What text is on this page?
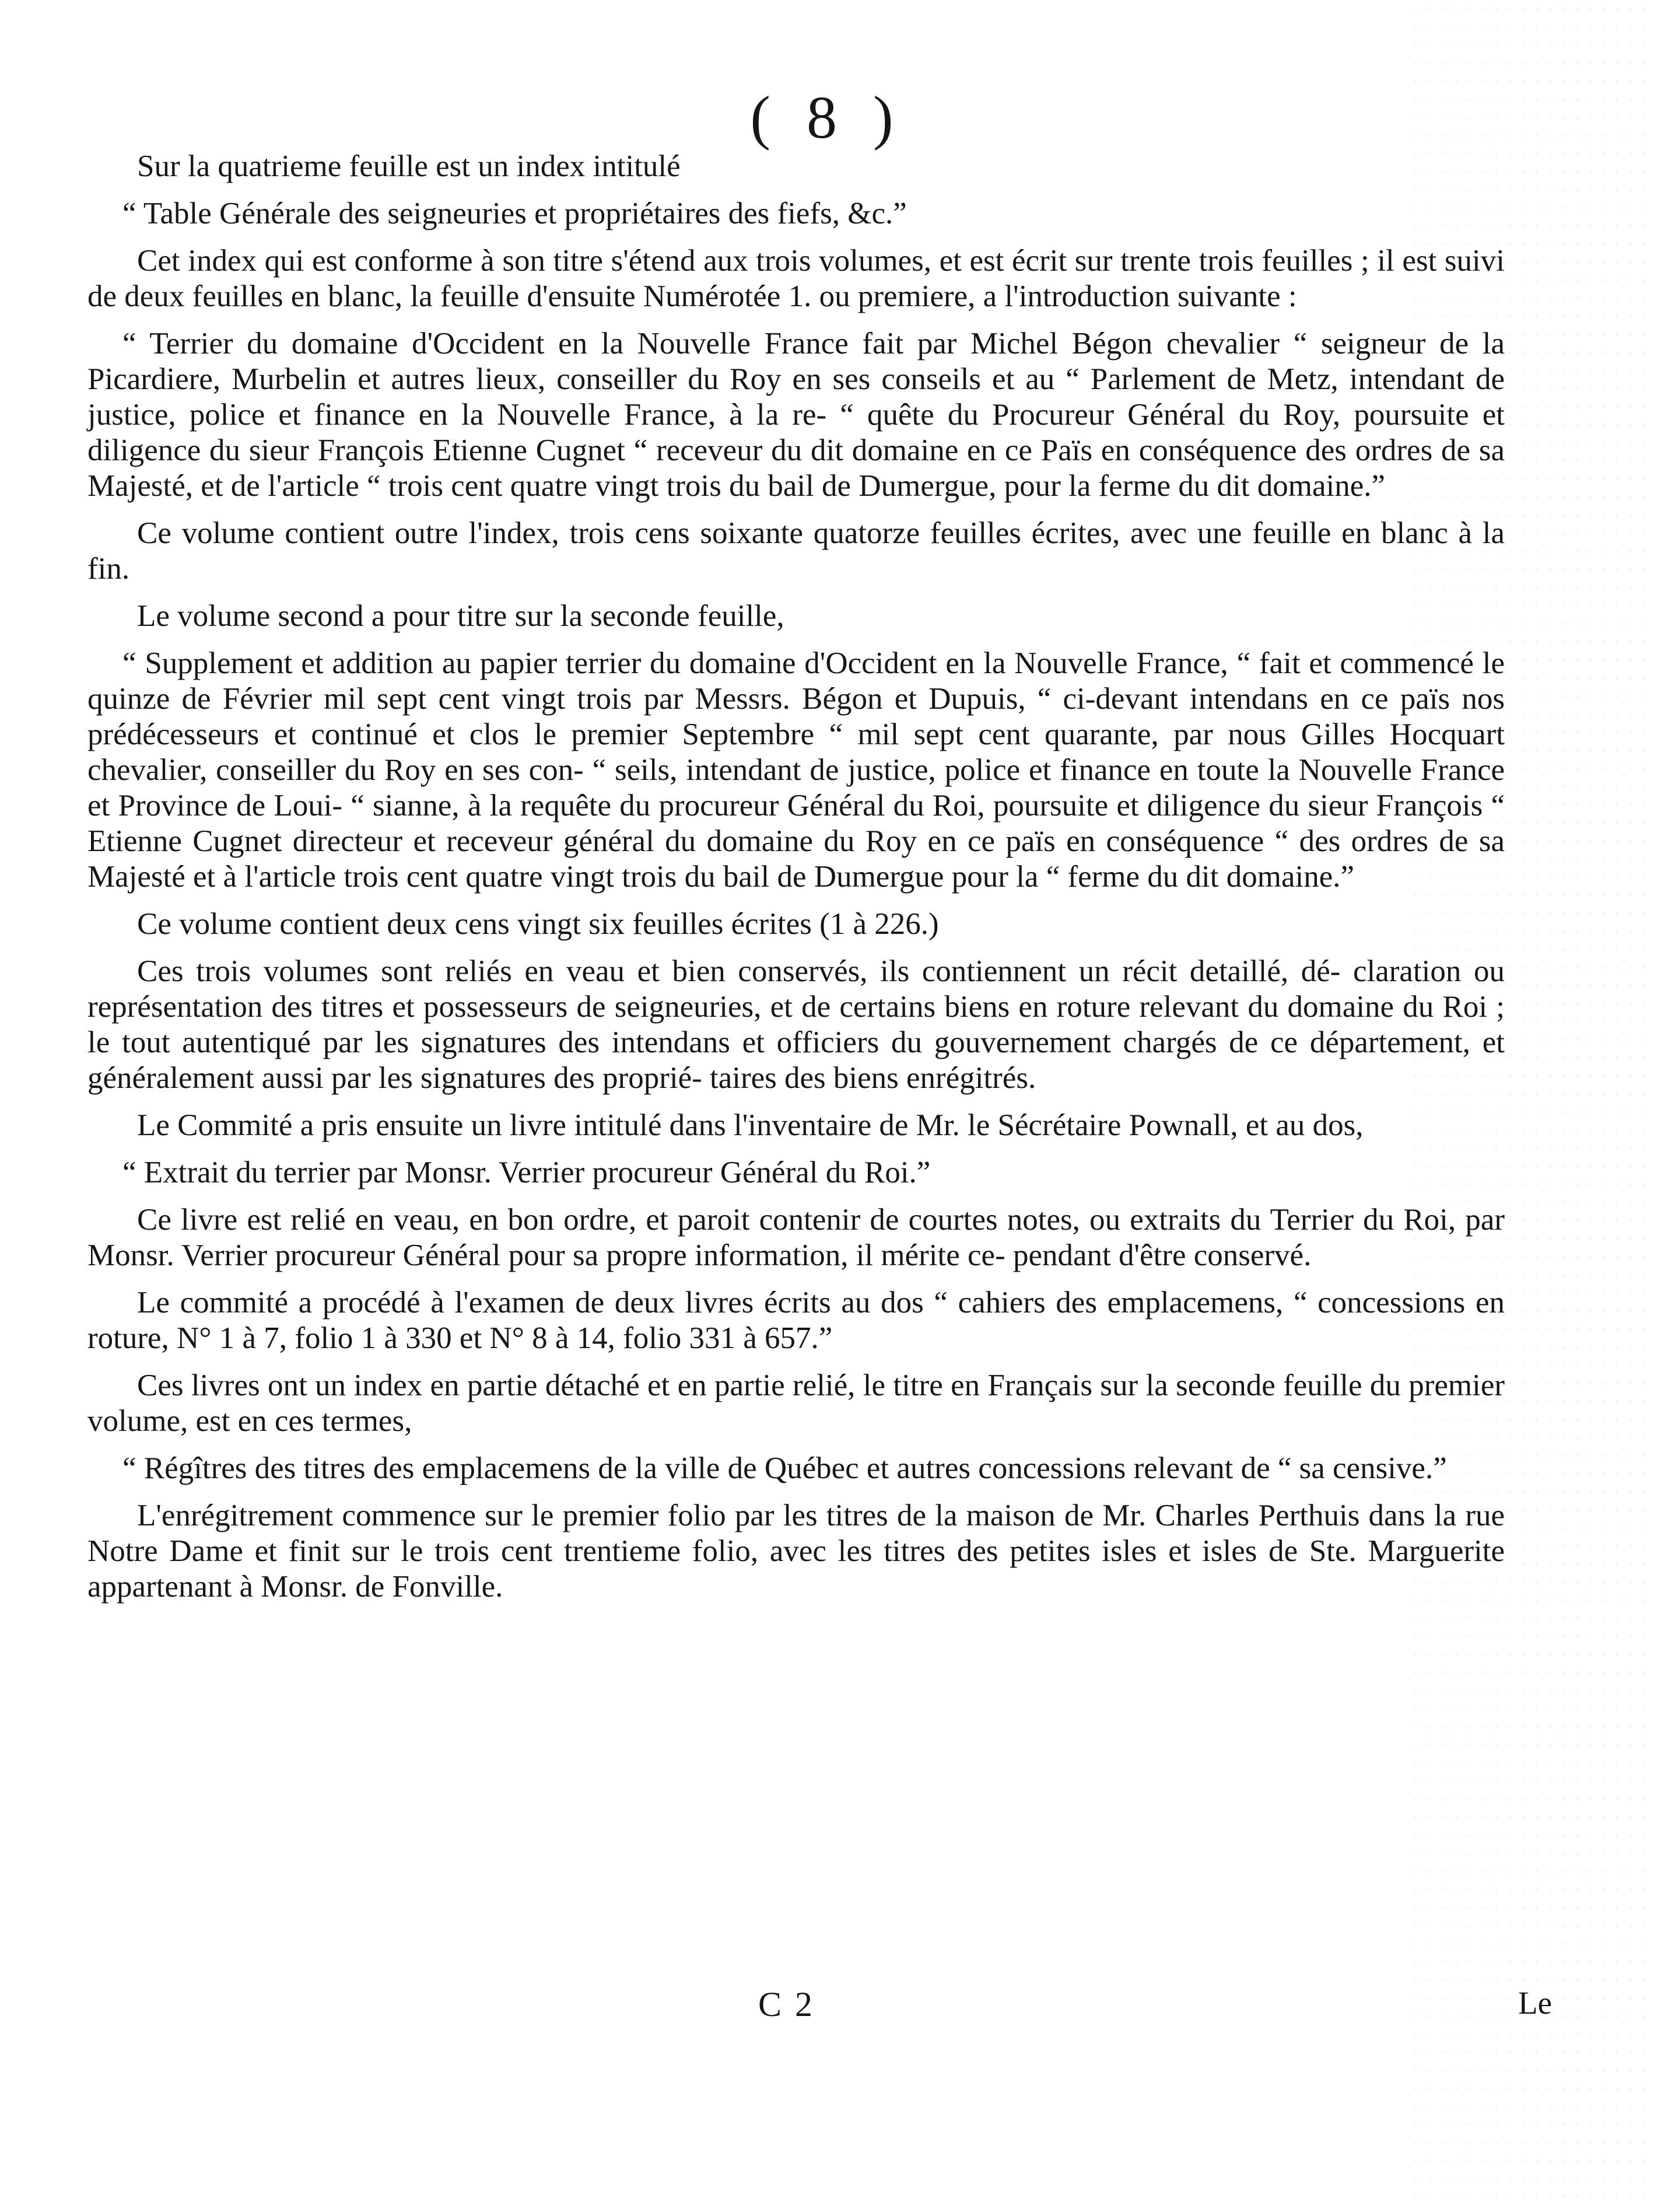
( 8 )

Sur la quatrieme feuille est un index intitulé

“ Table Générale des seigneuries et propriétaires des fiefs, &c.”

Cet index qui est conforme à son titre s'étend aux trois volumes, et est écrit sur trente trois feuilles ; il est suivi de deux feuilles en blanc, la feuille d'ensuite Numérotée 1. ou premiere, a l'introduction suivante :

“ Terrier du domaine d'Occident en la Nouvelle France fait par Michel Bégon chevalier “ seigneur de la Picardiere, Murbelin et autres lieux, conseiller du Roy en ses conseils et au “ Parlement de Metz, intendant de justice, police et finance en la Nouvelle France, à la re- “ quête du Procureur Général du Roy, poursuite et diligence du sieur François Etienne Cugnet “ receveur du dit domaine en ce Païs en conséquence des ordres de sa Majesté, et de l'article “ trois cent quatre vingt trois du bail de Dumergue, pour la ferme du dit domaine.”

Ce volume contient outre l'index, trois cens soixante quatorze feuilles écrites, avec une feuille en blanc à la fin.

Le volume second a pour titre sur la seconde feuille,

“ Supplement et addition au papier terrier du domaine d'Occident en la Nouvelle France, “ fait et commencé le quinze de Février mil sept cent vingt trois par Messrs. Bégon et Dupuis, “ ci-devant intendans en ce païs nos prédécesseurs et continué et clos le premier Septembre “ mil sept cent quarante, par nous Gilles Hocquart chevalier, conseiller du Roy en ses con- “ seils, intendant de justice, police et finance en toute la Nouvelle France et Province de Loui- “ sianne, à la requête du procureur Général du Roi, poursuite et diligence du sieur François “ Etienne Cugnet directeur et receveur général du domaine du Roy en ce païs en conséquence “ des ordres de sa Majesté et à l'article trois cent quatre vingt trois du bail de Dumergue pour la “ ferme du dit domaine.”

Ce volume contient deux cens vingt six feuilles écrites (1 à 226.)

Ces trois volumes sont reliés en veau et bien conservés, ils contiennent un récit detaillé, dé- claration ou représentation des titres et possesseurs de seigneuries, et de certains biens en roture relevant du domaine du Roi ; le tout autentiqué par les signatures des intendans et officiers du gouvernement chargés de ce département, et généralement aussi par les signatures des proprié- taires des biens enrégitrés.

Le Commité a pris ensuite un livre intitulé dans l'inventaire de Mr. le Sécrétaire Pownall, et au dos,

“ Extrait du terrier par Monsr. Verrier procureur Général du Roi.”

Ce livre est relié en veau, en bon ordre, et paroit contenir de courtes notes, ou extraits du Terrier du Roi, par Monsr. Verrier procureur Général pour sa propre information, il mérite ce- pendant d'être conservé.

Le commité a procédé à l'examen de deux livres écrits au dos “ cahiers des emplacemens, “ concessions en roture, N° 1 à 7, folio 1 à 330 et N° 8 à 14, folio 331 à 657.”

Ces livres ont un index en partie détaché et en partie relié, le titre en Français sur la seconde feuille du premier volume, est en ces termes,

“ Régîtres des titres des emplacemens de la ville de Québec et autres concessions relevant de “ sa censive.”

L'enrégitrement commence sur le premier folio par les titres de la maison de Mr. Charles Perthuis dans la rue Notre Dame et finit sur le trois cent trentieme folio, avec les titres des petites isles et isles de Ste. Marguerite appartenant à Monsr. de Fonville.

C 2	Le
